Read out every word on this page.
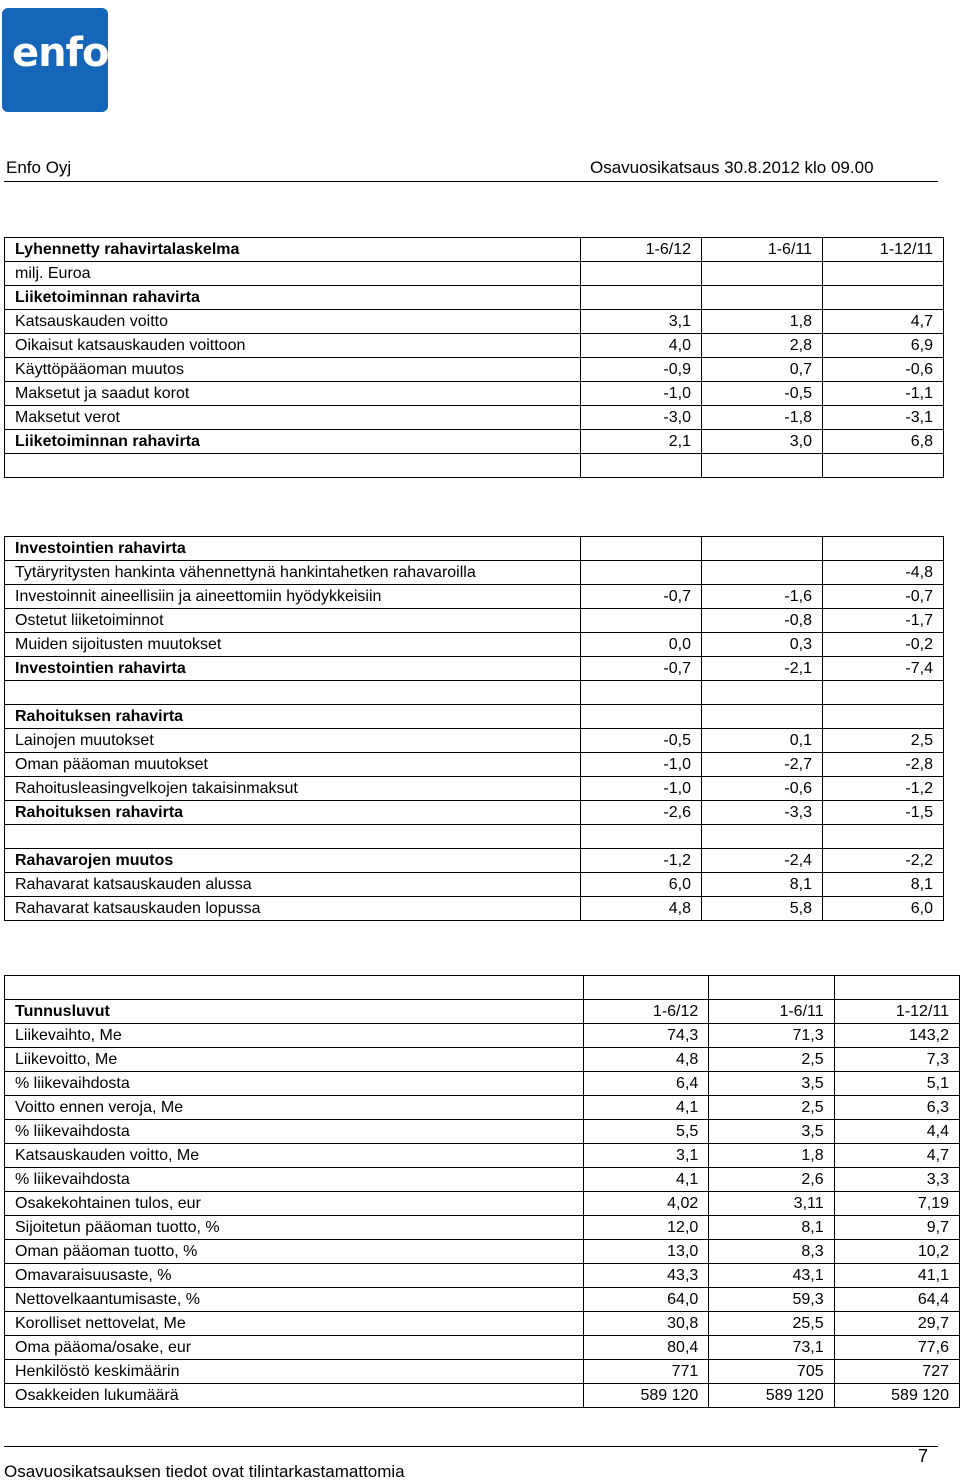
enfo
Enfo Oyj	Osavuosikatsaus 30.8.2012 klo 09.00
Lyhennetty rahavirtalaskelma	1-6/12	1-6/11	1-12/11
milj. Euroa			
Liiketoiminnan rahavirta			
Katsauskauden voitto	3,1	1,8	4,7
Oikaisut katsauskauden voittoon	4,0	2,8	6,9
Käyttöpääoman muutos	-0,9	0,7	-0,6
Maksetut ja saadut korot	-1,0	-0,5	-1,1
Maksetut verot	-3,0	-1,8	-3,1
Liiketoiminnan rahavirta	2,1	3,0	6,8

Investointien rahavirta			
Tytäryritysten hankinta vähennettynä hankintahetken rahavaroilla			-4,8
Investoinnit aineellisiin ja aineettomiin hyödykkeisiin	-0,7	-1,6	-0,7
Ostetut liiketoiminnot		-0,8	-1,7
Muiden sijoitusten muutokset	0,0	0,3	-0,2
Investointien rahavirta	-0,7	-2,1	-7,4

Rahoituksen rahavirta			
Lainojen muutokset	-0,5	0,1	2,5
Oman pääoman muutokset	-1,0	-2,7	-2,8
Rahoitusleasingvelkojen takaisinmaksut	-1,0	-0,6	-1,2
Rahoituksen rahavirta	-2,6	-3,3	-1,5

Rahavarojen muutos	-1,2	-2,4	-2,2
Rahavarat katsauskauden alussa	6,0	8,1	8,1
Rahavarat katsauskauden lopussa	4,8	5,8	6,0

Tunnusluvut	1-6/12	1-6/11	1-12/11
Liikevaihto, Me	74,3	71,3	143,2
Liikevoitto, Me	4,8	2,5	7,3
% liikevaihdosta	6,4	3,5	5,1
Voitto ennen veroja, Me	4,1	2,5	6,3
% liikevaihdosta	5,5	3,5	4,4
Katsauskauden voitto, Me	3,1	1,8	4,7
% liikevaihdosta	4,1	2,6	3,3
Osakekohtainen tulos, eur	4,02	3,11	7,19
Sijoitetun pääoman tuotto, %	12,0	8,1	9,7
Oman pääoman tuotto, %	13,0	8,3	10,2
Omavaraisuusaste, %	43,3	43,1	41,1
Nettovelkaantumisaste, %	64,0	59,3	64,4
Korolliset nettovelat, Me	30,8	25,5	29,7
Oma pääoma/osake, eur	80,4	73,1	77,6
Henkilöstö keskimäärin	771	705	727
Osakkeiden lukumäärä	589 120	589 120	589 120
Osavuosikatsauksen tiedot ovat tilintarkastamattomia
7
